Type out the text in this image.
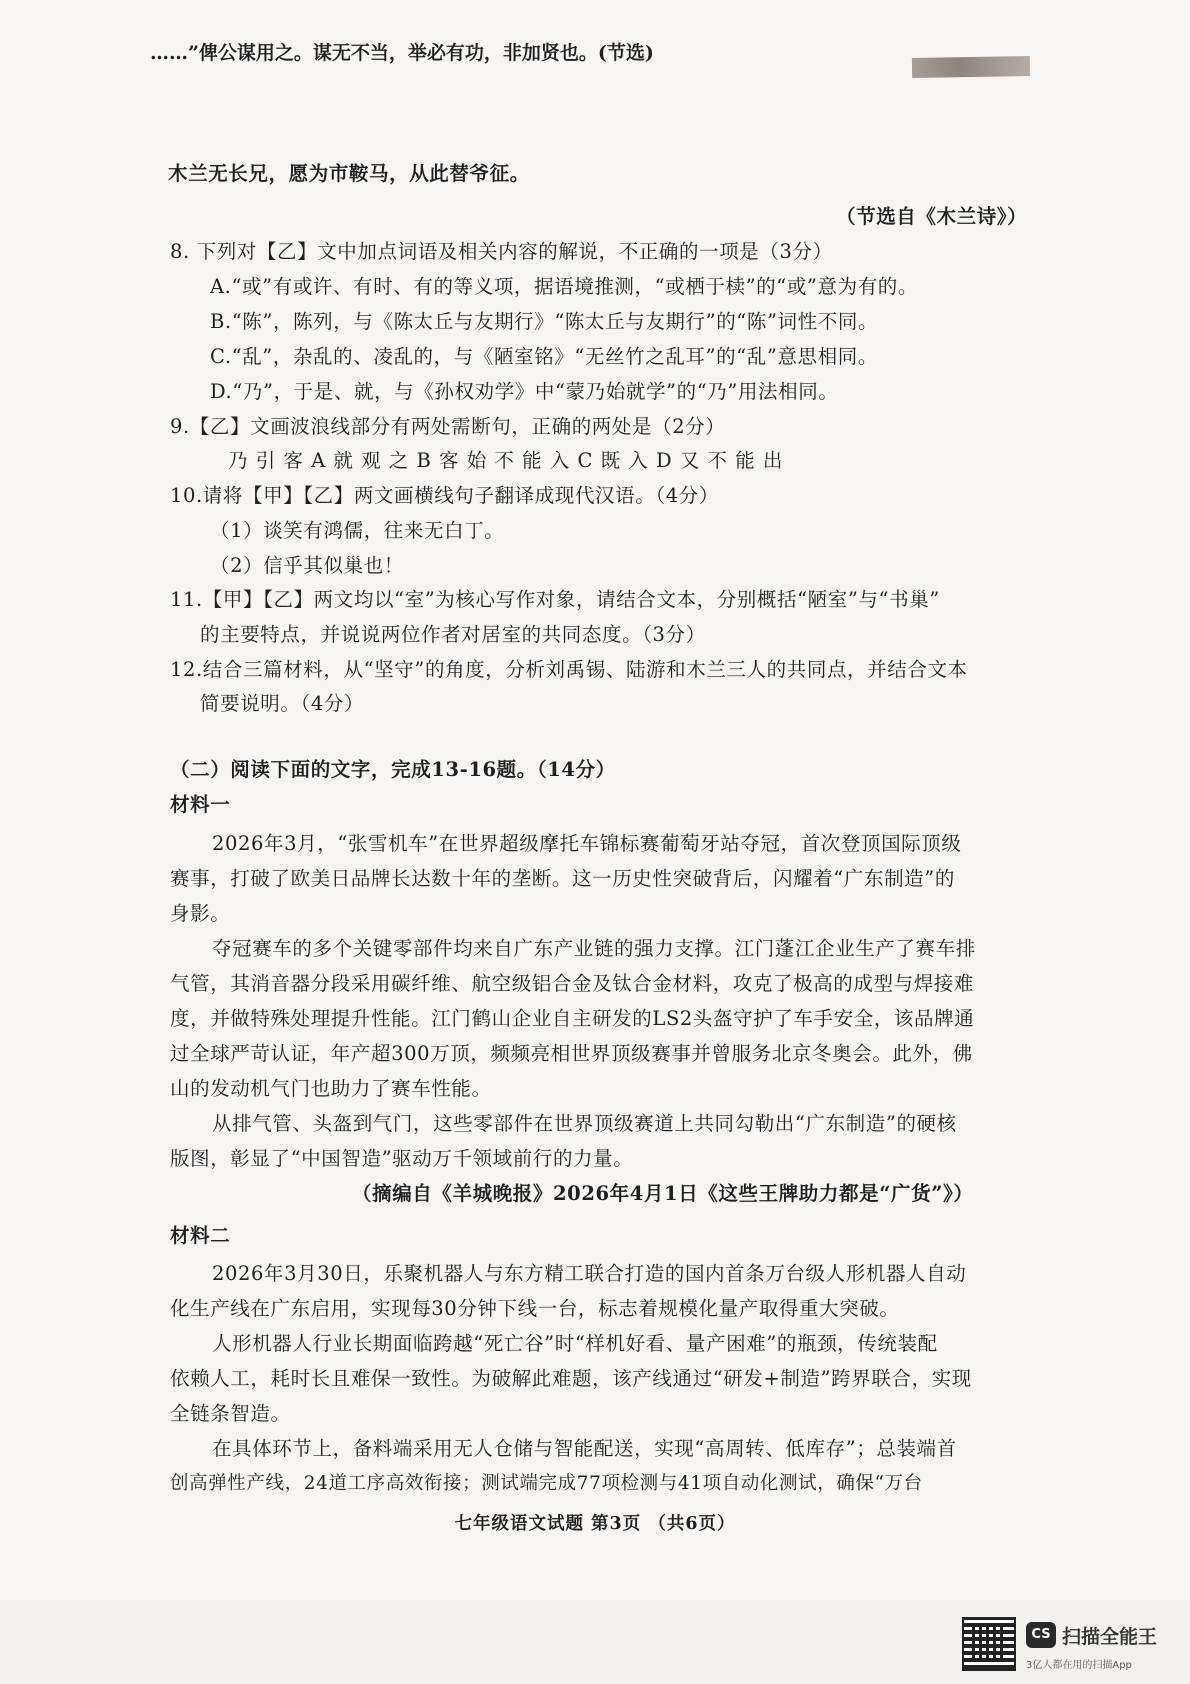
……”俾公谋用之。谋无不当，举必有功，非加贤也。(节选)
木兰无长兄，愿为市鞍马，从此替爷征。
（节选自《木兰诗》）
8. 下列对【乙】文中加点词语及相关内容的解说，不正确的一项是（3分）
A.“或”有或许、有时、有的等义项，据语境推测，“或栖于椟”的“或”意为有的。
B.“陈”，陈列，与《陈太丘与友期行》“陈太丘与友期行”的“陈”词性不同。
C.“乱”，杂乱的、凌乱的，与《陋室铭》“无丝竹之乱耳”的“乱”意思相同。
D.“乃”，于是、就，与《孙权劝学》中“蒙乃始就学”的“乃”用法相同。
9.【乙】文画波浪线部分有两处需断句，正确的两处是（2分）
乃 引 客 A 就 观 之 B 客 始 不 能 入 C 既 入 D 又 不 能 出
10.请将【甲】【乙】两文画横线句子翻译成现代汉语。（4分）
（1）谈笑有鸿儒，往来无白丁。
（2）信乎其似巢也！
11.【甲】【乙】两文均以“室”为核心写作对象，请结合文本，分别概括“陋室”与“书巢”
的主要特点，并说说两位作者对居室的共同态度。（3分）
12.结合三篇材料，从“坚守”的角度，分析刘禹锡、陆游和木兰三人的共同点，并结合文本
简要说明。（4分）
（二）阅读下面的文字，完成13-16题。（14分）
材料一
2026年3月，“张雪机车”在世界超级摩托车锦标赛葡萄牙站夺冠，首次登顶国际顶级
赛事，打破了欧美日品牌长达数十年的垄断。这一历史性突破背后，闪耀着“广东制造”的
身影。
夺冠赛车的多个关键零部件均来自广东产业链的强力支撑。江门蓬江企业生产了赛车排
气管，其消音器分段采用碳纤维、航空级铝合金及钛合金材料，攻克了极高的成型与焊接难
度，并做特殊处理提升性能。江门鹤山企业自主研发的LS2头盔守护了车手安全，该品牌通
过全球严苛认证，年产超300万顶，频频亮相世界顶级赛事并曾服务北京冬奥会。此外，佛
山的发动机气门也助力了赛车性能。
从排气管、头盔到气门，这些零部件在世界顶级赛道上共同勾勒出“广东制造”的硬核
版图，彰显了“中国智造”驱动万千领域前行的力量。
（摘编自《羊城晚报》2026年4月1日《这些王牌助力都是“广货”》）
材料二
2026年3月30日，乐聚机器人与东方精工联合打造的国内首条万台级人形机器人自动
化生产线在广东启用，实现每30分钟下线一台，标志着规模化量产取得重大突破。
人形机器人行业长期面临跨越“死亡谷”时“样机好看、量产困难”的瓶颈，传统装配
依赖人工，耗时长且难保一致性。为破解此难题，该产线通过“研发+制造”跨界联合，实现
全链条智造。
在具体环节上，备料端采用无人仓储与智能配送，实现“高周转、低库存”；总装端首
创高弹性产线，24道工序高效衔接；测试端完成77项检测与41项自动化测试，确保“万台
七年级语文试题 第3页 （共6页）
CS 扫描全能王
3亿人都在用的扫描App
